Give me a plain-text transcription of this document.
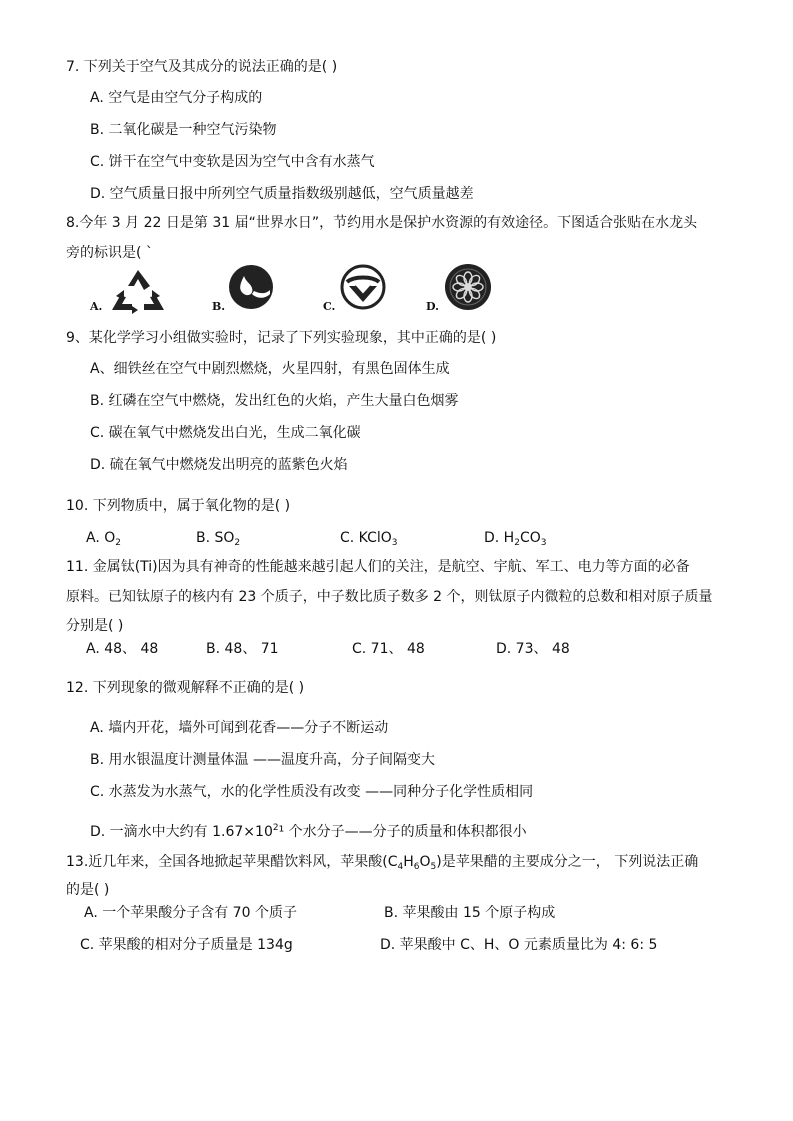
7. 下列关于空气及其成分的说法正确的是( )
A. 空气是由空气分子构成的
B. 二氧化碳是一种空气污染物
C. 饼干在空气中变软是因为空气中含有水蒸气
D. 空气质量日报中所列空气质量指数级别越低，空气质量越差
8.今年 3 月 22 日是第 31 届“世界水日”，节约用水是保护水资源的有效途径。下图适合张贴在水龙头
旁的标识是( `
A.	B.	C.	D.
9、某化学学习小组做实验时，记录了下列实验现象，其中正确的是( )
A、细铁丝在空气中剧烈燃烧，火星四射，有黑色固体生成
B. 红磷在空气中燃烧，发出红色的火焰，产生大量白色烟雾
C. 碳在氧气中燃烧发出白光，生成二氧化碳
D. 硫在氧气中燃烧发出明亮的蓝紫色火焰
10. 下列物质中，属于氧化物的是( )
A. $O_2$	B. $SO_2$	C. KClO$_3$	D. $H_2CO_3$
11. 金属钛(Ti)因为具有神奇的性能越来越引起人们的关注，是航空、宇航、军工、电力等方面的必备
原料。已知钛原子的核内有 23 个质子，中子数比质子数多 2 个，则钛原子内微粒的总数和相对原子质量
分别是( )
A. 48、 48	B. 48、 71	C. 71、 48	D. 73、 48
12. 下列现象的微观解释不正确的是( )
A. 墙内开花，墙外可闻到花香——分子不断运动
B. 用水银温度计测量体温 ——温度升高，分子间隔变大
C. 水蒸发为水蒸气，水的化学性质没有改变 ——同种分子化学性质相同
D. 一滴水中大约有 $1.67\times 10^2^1$ 个水分子——分子的质量和体积都很小
13.近几年来，全国各地掀起苹果醋饮料风，苹果酸$(C_4H_6O_5)$是苹果醋的主要成分之一， 下列说法正确
的是( )
A. 一个苹果酸分子含有 70 个质子	B. 苹果酸由 15 个原子构成
C. 苹果酸的相对分子质量是 134g	D. 苹果酸中 C、H、O 元素质量比为 4: 6: 5
